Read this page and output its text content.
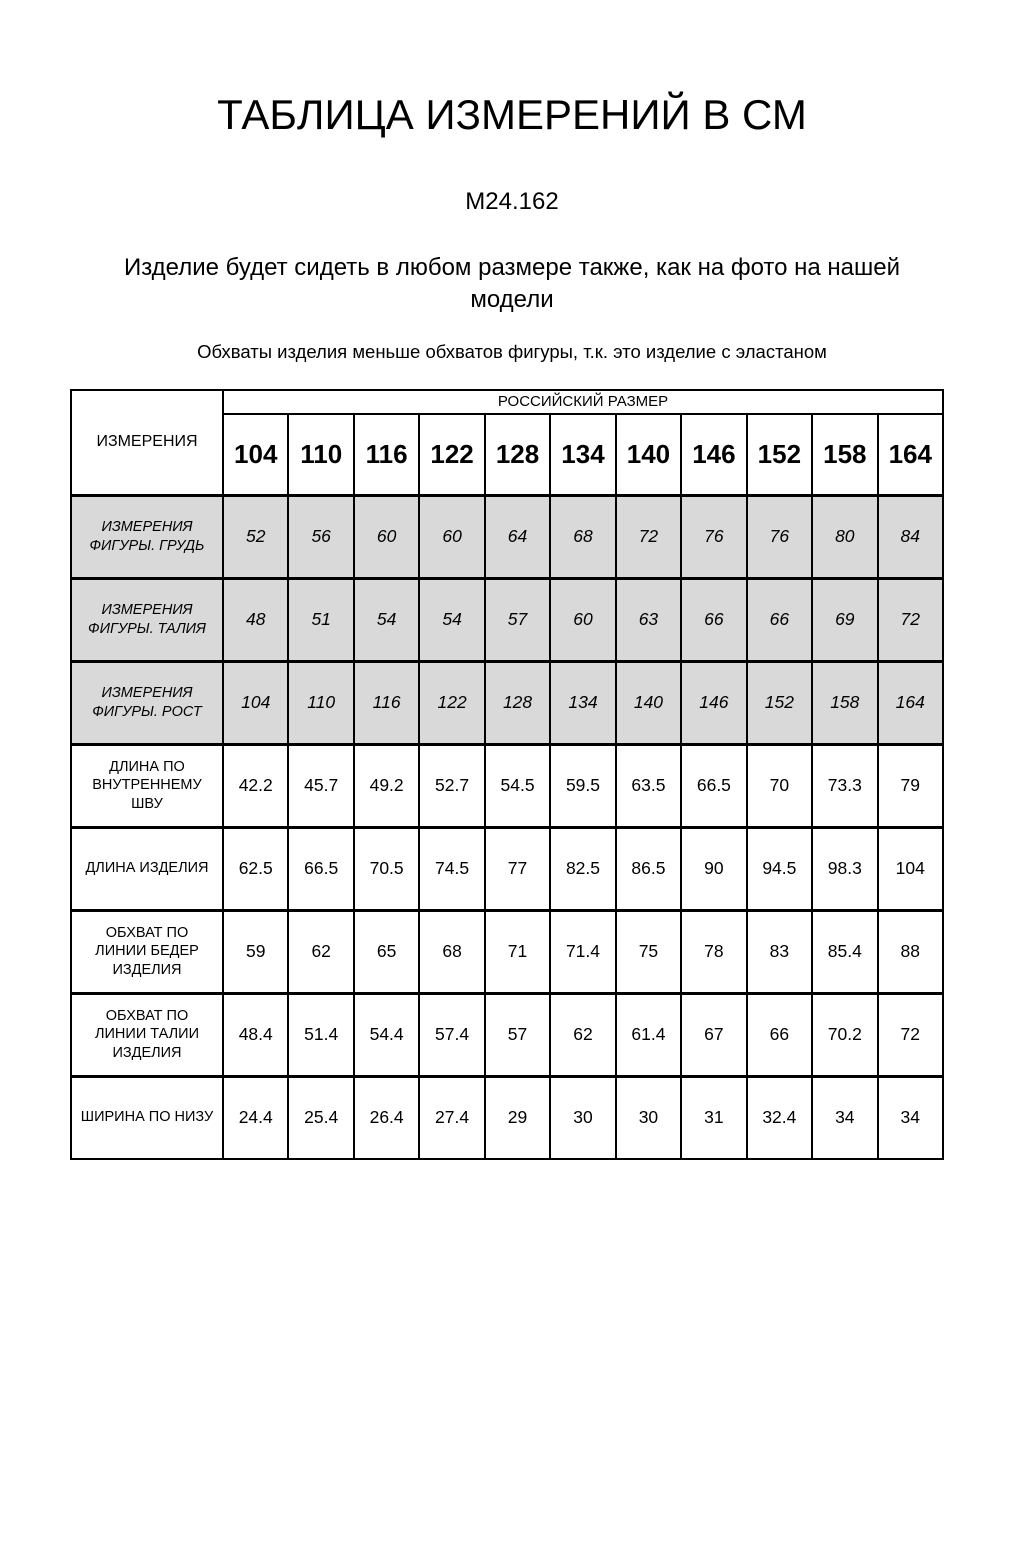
ТАБЛИЦА ИЗМЕРЕНИЙ В СМ
М24.162
Изделие будет сидеть в любом размере также, как на фото на нашей модели
Обхваты изделия меньше обхватов фигуры, т.к. это изделие с эластаном
ИЗМЕРЕНИЯ	РОССИЙСКИЙ РАЗМЕР										
	104	110	116	122	128	134	140	146	152	158	164
ИЗМЕРЕНИЯ ФИГУРЫ. ГРУДЬ	52	56	60	60	64	68	72	76	76	80	84
ИЗМЕРЕНИЯ ФИГУРЫ. ТАЛИЯ	48	51	54	54	57	60	63	66	66	69	72
ИЗМЕРЕНИЯ ФИГУРЫ. РОСТ	104	110	116	122	128	134	140	146	152	158	164
ДЛИНА ПО ВНУТРЕННЕМУ ШВУ	42.2	45.7	49.2	52.7	54.5	59.5	63.5	66.5	70	73.3	79
ДЛИНА ИЗДЕЛИЯ	62.5	66.5	70.5	74.5	77	82.5	86.5	90	94.5	98.3	104
ОБХВАТ ПО ЛИНИИ БЕДЕР ИЗДЕЛИЯ	59	62	65	68	71	71.4	75	78	83	85.4	88
ОБХВАТ ПО ЛИНИИ ТАЛИИ ИЗДЕЛИЯ	48.4	51.4	54.4	57.4	57	62	61.4	67	66	70.2	72
ШИРИНА ПО НИЗУ	24.4	25.4	26.4	27.4	29	30	30	31	32.4	34	34
